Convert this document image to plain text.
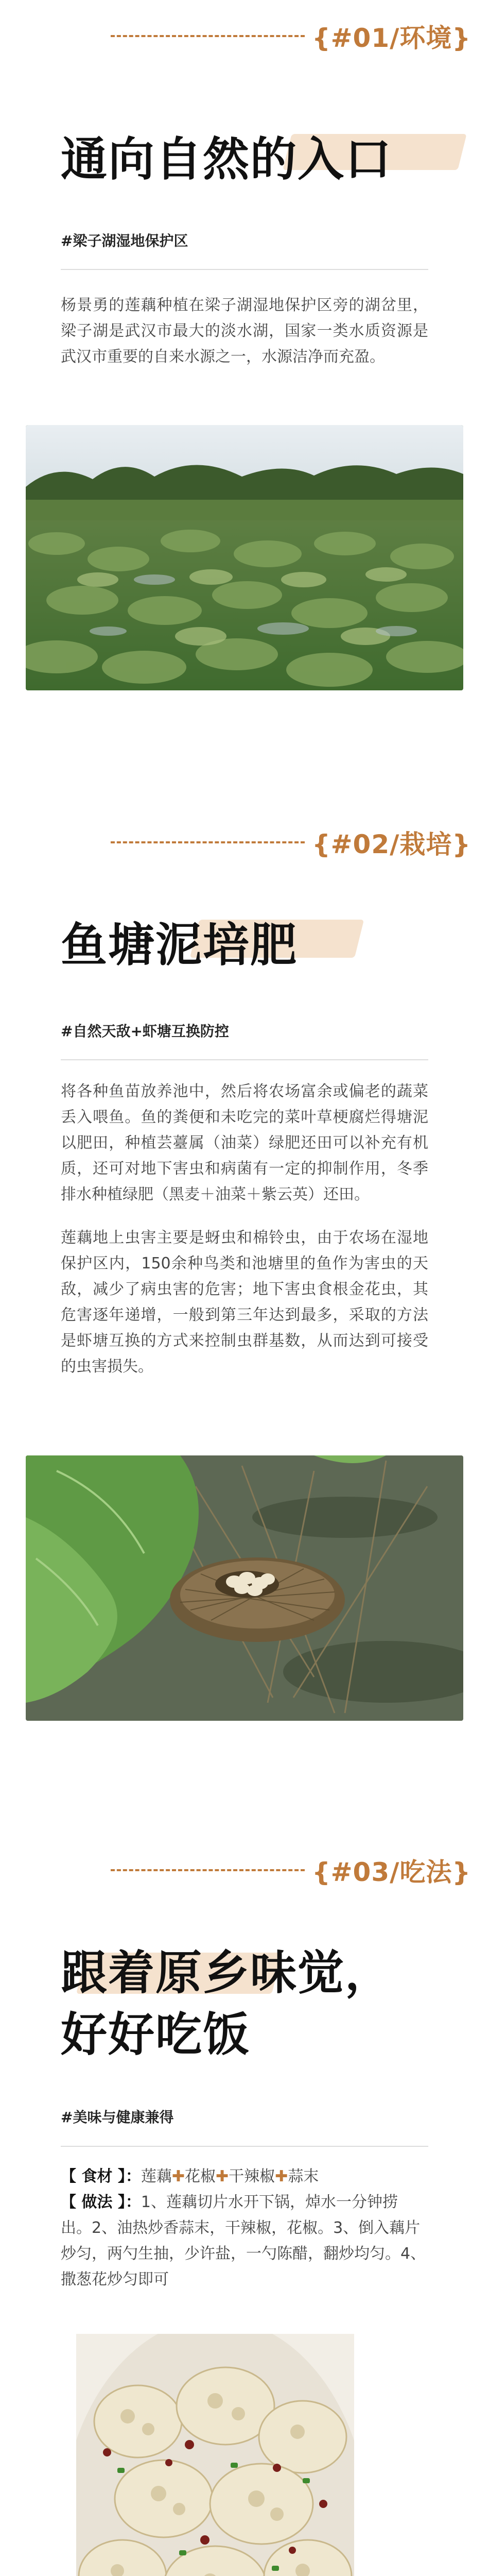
{#01/环境}
通向自然的入口
#梁子湖湿地保护区

杨景勇的莲藕种植在梁子湖湿地保护区旁的湖岔里，梁子湖是武汉市最大的淡水湖，国家一类水质资源是武汉市重要的自来水源之一，水源洁净而充盈。

{#02/栽培}
鱼塘泥培肥
#自然天敌+虾塘互换防控

将各种鱼苗放养池中，然后将农场富余或偏老的蔬菜丢入喂鱼。鱼的粪便和未吃完的菜叶草梗腐烂得塘泥以肥田，种植芸薹属（油菜）绿肥还田可以补充有机质，还可对地下害虫和病菌有一定的抑制作用，冬季排水种植绿肥（黑麦＋油菜＋紫云英）还田。

莲藕地上虫害主要是蚜虫和棉铃虫，由于农场在湿地保护区内，150余种鸟类和池塘里的鱼作为害虫的天敌，减少了病虫害的危害；地下害虫食根金花虫，其危害逐年递增，一般到第三年达到最多，采取的方法是虾塘互换的方式来控制虫群基数，从而达到可接受的虫害损失。

{#03/吃法}
跟着原乡味觉，
好好吃饭
#美味与健康兼得
【 食材 】：莲藕✚花椒✚干辣椒✚蒜末
【 做法 】：1、莲藕切片水开下锅，焯水一分钟捞出。2、油热炒香蒜末，干辣椒，花椒。3、倒入藕片炒匀，两勺生抽，少许盐，一勺陈醋，翻炒均匀。4、撒葱花炒匀即可
